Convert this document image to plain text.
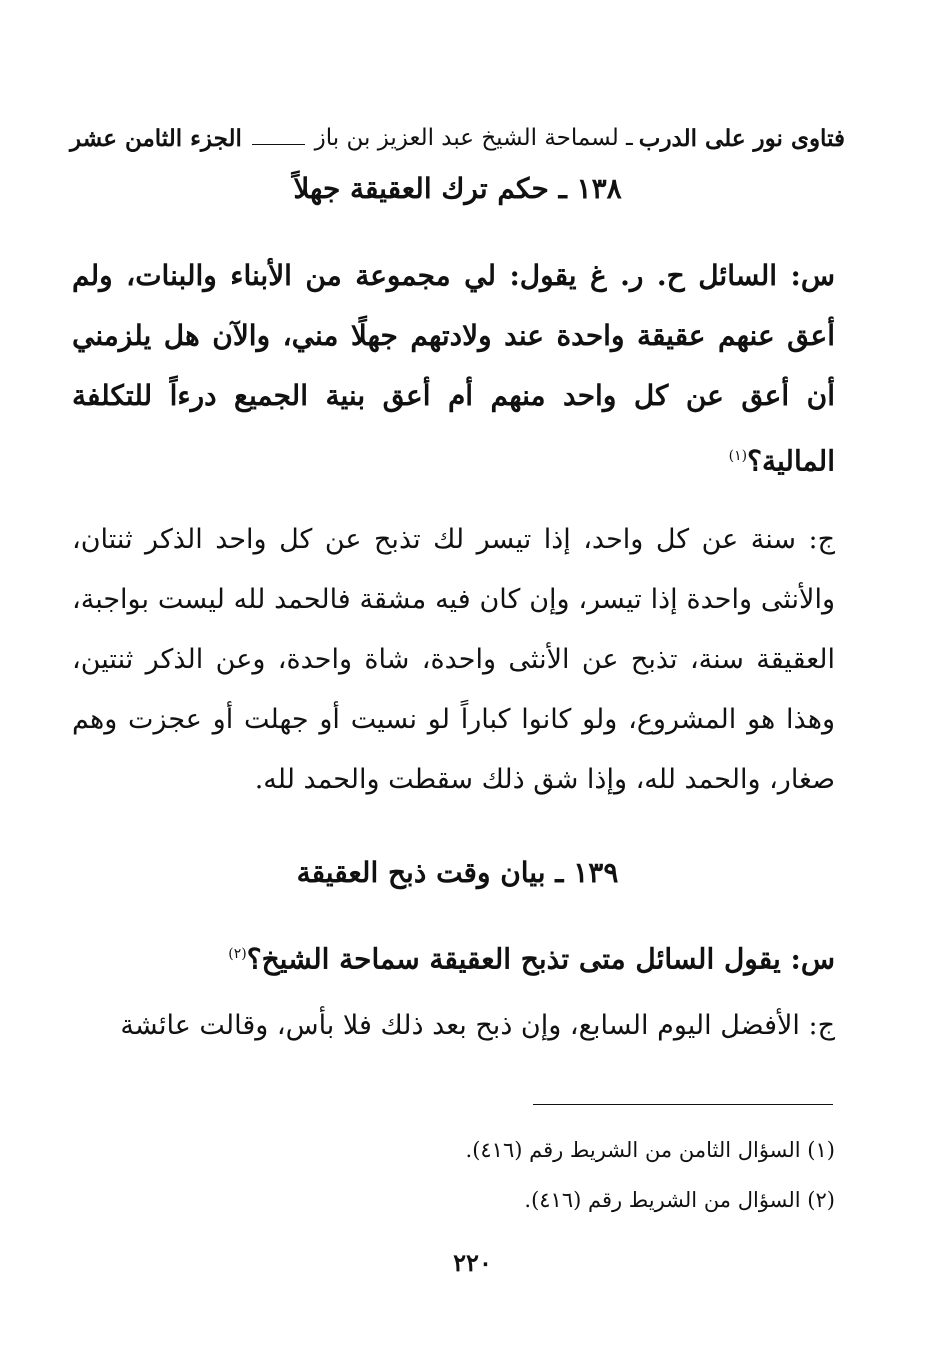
فتاوى نور على الدرب
ـ لسماحة الشيخ عبد العزيز بن باز
الجزء الثامن عشر
١٣٨ ـ حكم ترك العقيقة جهلاً
س: السائل ح. ر. غ يقول: لي مجموعة من الأبناء والبنات، ولم أعق عنهم عقيقة واحدة عند ولادتهم جهلًا مني، والآن هل يلزمني أن أعق عن كل واحد منهم أم أعق بنية الجميع درءاً للتكلفة المالية؟$^{(١)}$
ج: سنة عن كل واحد، إذا تيسر لك تذبح عن كل واحد الذكر ثنتان، والأنثى واحدة إذا تيسر، وإن كان فيه مشقة فالحمد لله ليست بواجبة، العقيقة سنة، تذبح عن الأنثى واحدة، شاة واحدة، وعن الذكر ثنتين، وهذا هو المشروع، ولو كانوا كباراً لو نسيت أو جهلت أو عجزت وهم صغار، والحمد لله، وإذا شق ذلك سقطت والحمد لله.
١٣٩ ـ بيان وقت ذبح العقيقة
س: يقول السائل متى تذبح العقيقة سماحة الشيخ؟$^{(٢)}$
ج: الأفضل اليوم السابع، وإن ذبح بعد ذلك فلا بأس، وقالت عائشة
(١) السؤال الثامن من الشريط رقم (٤١٦).
(٢) السؤال من الشريط رقم (٤١٦).
٢٢٠
